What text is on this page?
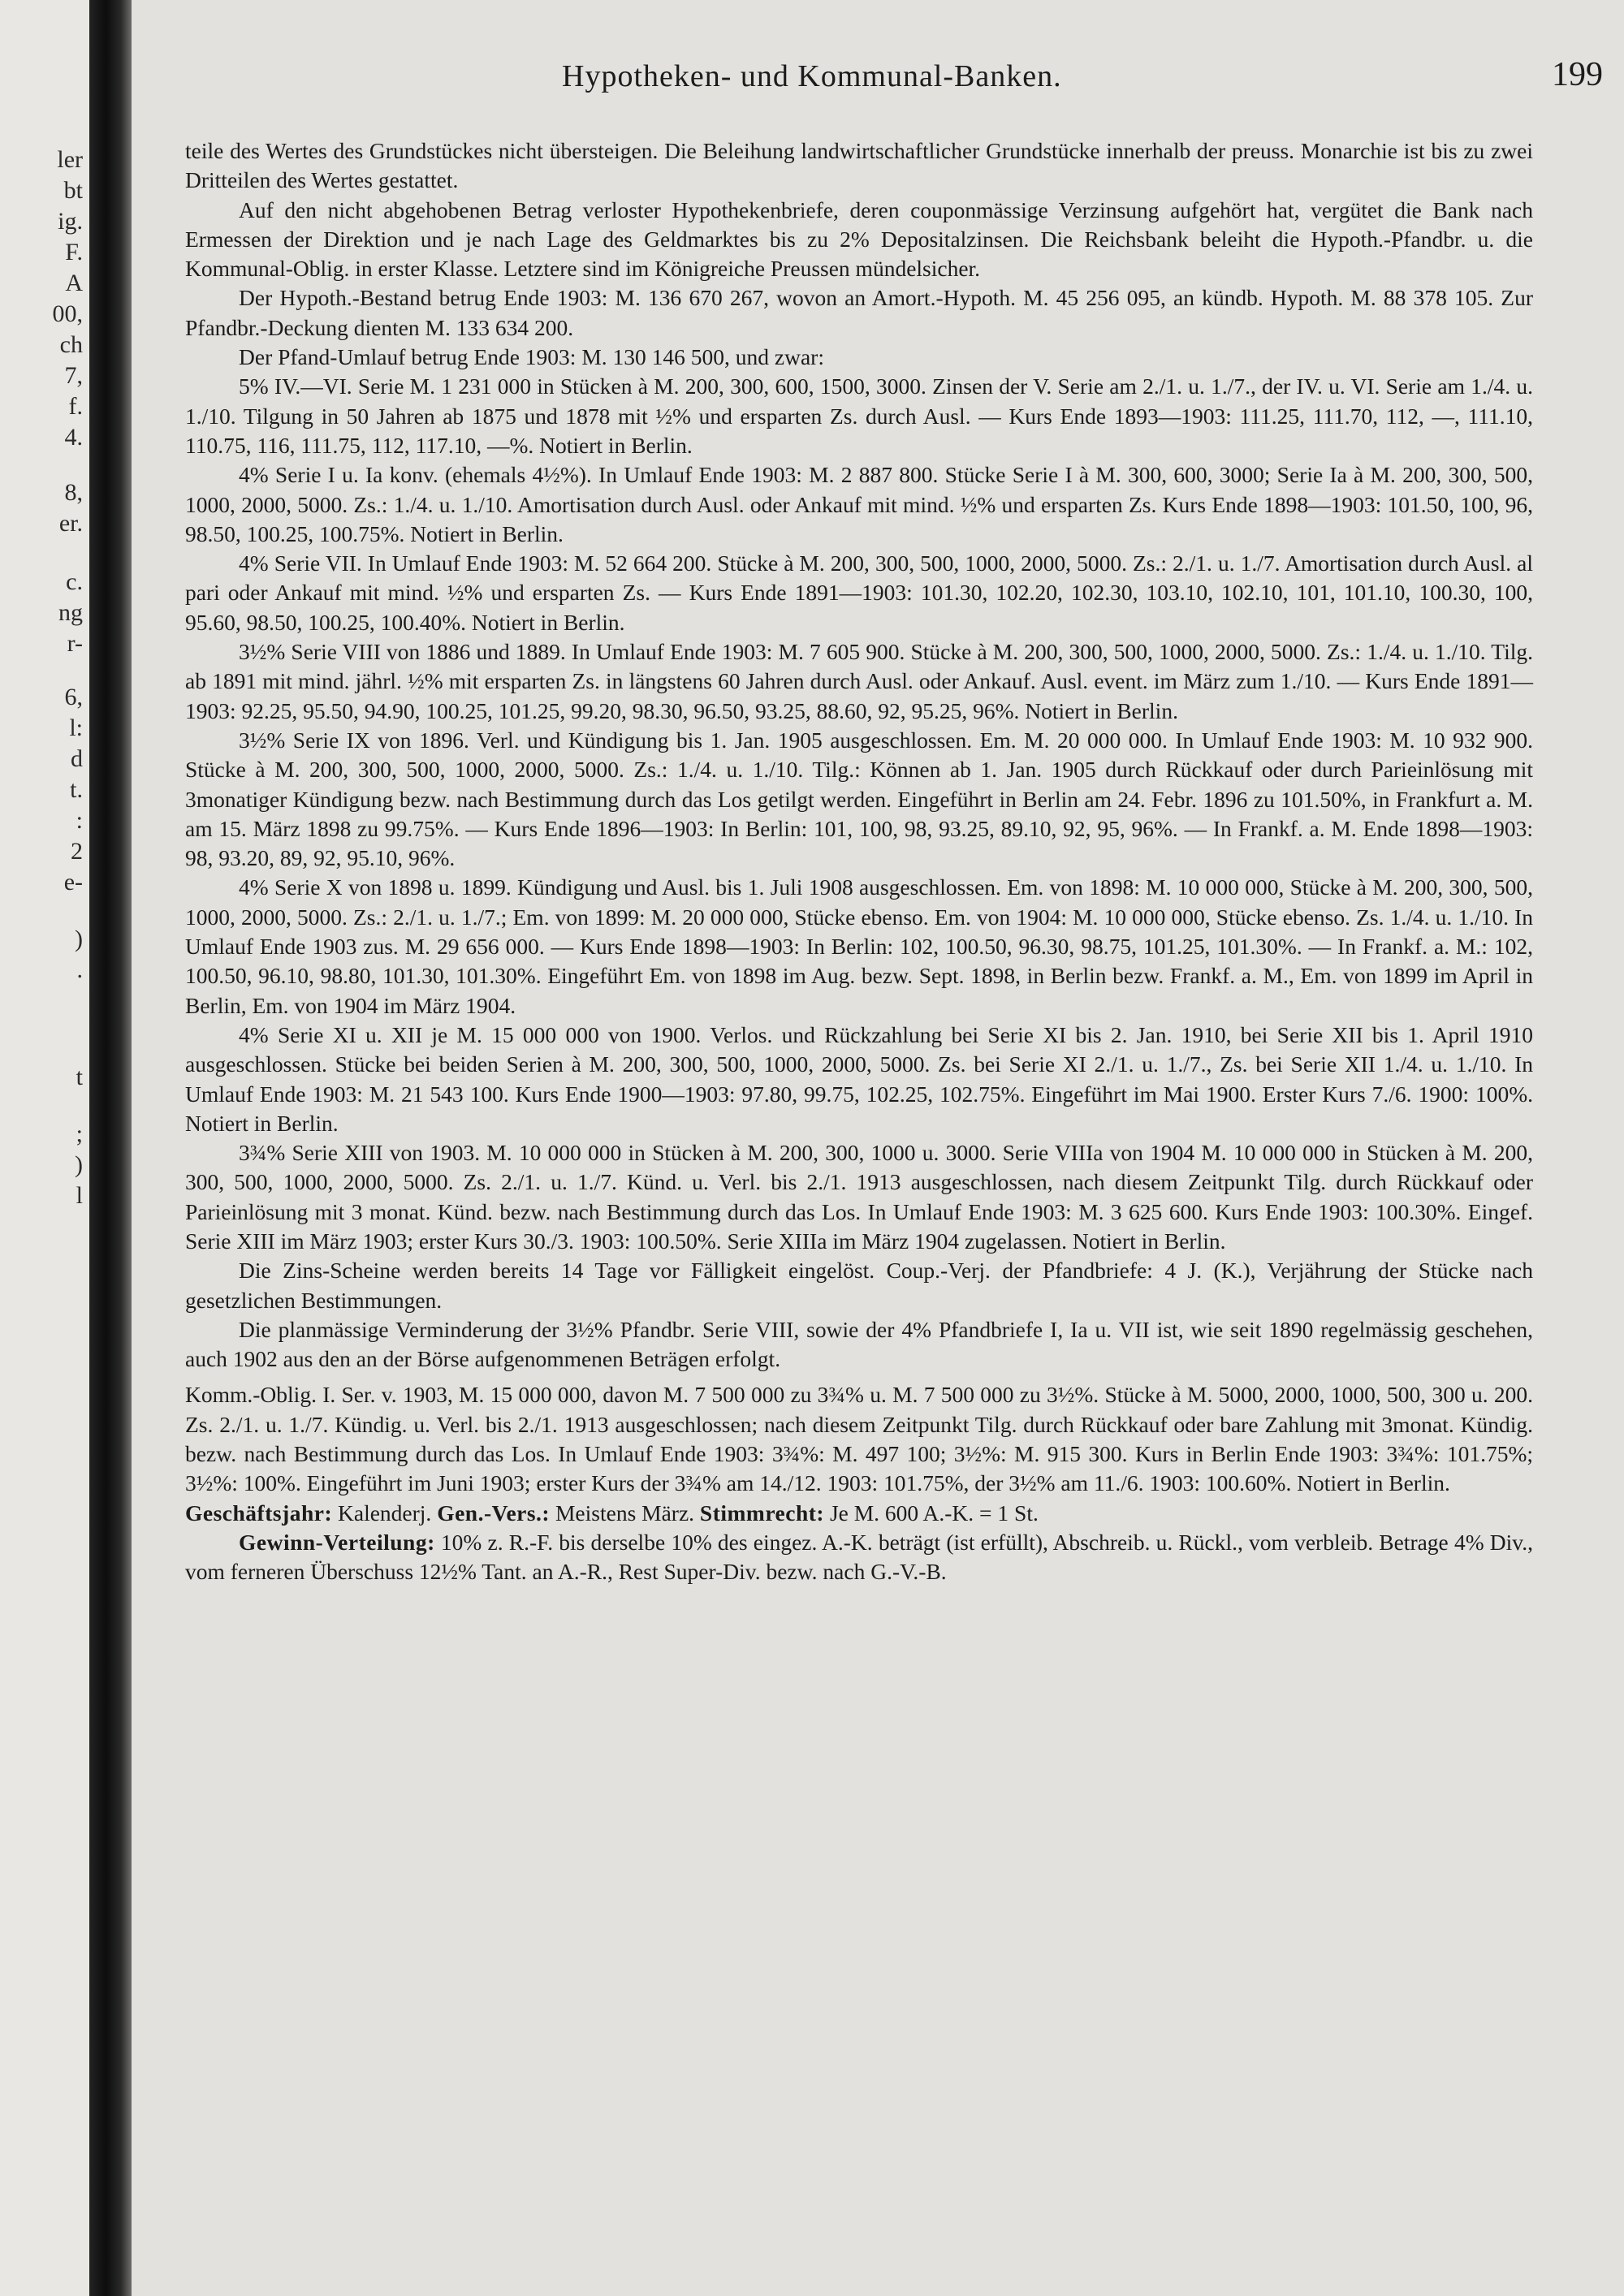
ler
bt
ig.
F.
A
00,
ch
7,
f.
4.
8,
er.
c.
ng
r-
6,
l:
d
t.
:
2
e-
)
.
t
;
)
l
Hypotheken- und Kommunal-Banken.	199

teile des Wertes des Grundstückes nicht übersteigen. Die Beleihung landwirtschaftlicher Grundstücke innerhalb der preuss. Monarchie ist bis zu zwei Dritteilen des Wertes gestattet.

Auf den nicht abgehobenen Betrag verloster Hypothekenbriefe, deren couponmässige Verzinsung aufgehört hat, vergütet die Bank nach Ermessen der Direktion und je nach Lage des Geldmarktes bis zu 2% Depositalzinsen. Die Reichsbank beleiht die Hypoth.-Pfandbr. u. die Kommunal-Oblig. in erster Klasse. Letztere sind im Königreiche Preussen mündelsicher.

Der Hypoth.-Bestand betrug Ende 1903: M. 136 670 267, wovon an Amort.-Hypoth. M. 45 256 095, an kündb. Hypoth. M. 88 378 105. Zur Pfandbr.-Deckung dienten M. 133 634 200.

Der Pfand-Umlauf betrug Ende 1903: M. 130 146 500, und zwar:

5% IV.—VI. Serie M. 1 231 000 in Stücken à M. 200, 300, 600, 1500, 3000. Zinsen der V. Serie am 2./1. u. 1./7., der IV. u. VI. Serie am 1./4. u. 1./10. Tilgung in 50 Jahren ab 1875 und 1878 mit ½% und ersparten Zs. durch Ausl. — Kurs Ende 1893—1903: 111.25, 111.70, 112, —, 111.10, 110.75, 116, 111.75, 112, 117.10, —%. Notiert in Berlin.

4% Serie I u. Ia konv. (ehemals 4½%). In Umlauf Ende 1903: M. 2 887 800. Stücke Serie I à M. 300, 600, 3000; Serie Ia à M. 200, 300, 500, 1000, 2000, 5000. Zs.: 1./4. u. 1./10. Amortisation durch Ausl. oder Ankauf mit mind. ½% und ersparten Zs. Kurs Ende 1898—1903: 101.50, 100, 96, 98.50, 100.25, 100.75%. Notiert in Berlin.

4% Serie VII. In Umlauf Ende 1903: M. 52 664 200. Stücke à M. 200, 300, 500, 1000, 2000, 5000. Zs.: 2./1. u. 1./7. Amortisation durch Ausl. al pari oder Ankauf mit mind. ½% und ersparten Zs. — Kurs Ende 1891—1903: 101.30, 102.20, 102.30, 103.10, 102.10, 101, 101.10, 100.30, 100, 95.60, 98.50, 100.25, 100.40%. Notiert in Berlin.

3½% Serie VIII von 1886 und 1889. In Umlauf Ende 1903: M. 7 605 900. Stücke à M. 200, 300, 500, 1000, 2000, 5000. Zs.: 1./4. u. 1./10. Tilg. ab 1891 mit mind. jährl. ½% mit ersparten Zs. in längstens 60 Jahren durch Ausl. oder Ankauf. Ausl. event. im März zum 1./10. — Kurs Ende 1891—1903: 92.25, 95.50, 94.90, 100.25, 101.25, 99.20, 98.30, 96.50, 93.25, 88.60, 92, 95.25, 96%. Notiert in Berlin.

3½% Serie IX von 1896. Verl. und Kündigung bis 1. Jan. 1905 ausgeschlossen. Em. M. 20 000 000. In Umlauf Ende 1903: M. 10 932 900. Stücke à M. 200, 300, 500, 1000, 2000, 5000. Zs.: 1./4. u. 1./10. Tilg.: Können ab 1. Jan. 1905 durch Rückkauf oder durch Parieinlösung mit 3monatiger Kündigung bezw. nach Bestimmung durch das Los getilgt werden. Eingeführt in Berlin am 24. Febr. 1896 zu 101.50%, in Frankfurt a. M. am 15. März 1898 zu 99.75%. — Kurs Ende 1896—1903: In Berlin: 101, 100, 98, 93.25, 89.10, 92, 95, 96%. — In Frankf. a. M. Ende 1898—1903: 98, 93.20, 89, 92, 95.10, 96%.

4% Serie X von 1898 u. 1899. Kündigung und Ausl. bis 1. Juli 1908 ausgeschlossen. Em. von 1898: M. 10 000 000, Stücke à M. 200, 300, 500, 1000, 2000, 5000. Zs.: 2./1. u. 1./7.; Em. von 1899: M. 20 000 000, Stücke ebenso. Em. von 1904: M. 10 000 000, Stücke ebenso. Zs. 1./4. u. 1./10. In Umlauf Ende 1903 zus. M. 29 656 000. — Kurs Ende 1898—1903: In Berlin: 102, 100.50, 96.30, 98.75, 101.25, 101.30%. — In Frankf. a. M.: 102, 100.50, 96.10, 98.80, 101.30, 101.30%. Eingeführt Em. von 1898 im Aug. bezw. Sept. 1898, in Berlin bezw. Frankf. a. M., Em. von 1899 im April in Berlin, Em. von 1904 im März 1904.

4% Serie XI u. XII je M. 15 000 000 von 1900. Verlos. und Rückzahlung bei Serie XI bis 2. Jan. 1910, bei Serie XII bis 1. April 1910 ausgeschlossen. Stücke bei beiden Serien à M. 200, 300, 500, 1000, 2000, 5000. Zs. bei Serie XI 2./1. u. 1./7., Zs. bei Serie XII 1./4. u. 1./10. In Umlauf Ende 1903: M. 21 543 100. Kurs Ende 1900—1903: 97.80, 99.75, 102.25, 102.75%. Eingeführt im Mai 1900. Erster Kurs 7./6. 1900: 100%. Notiert in Berlin.

3¾% Serie XIII von 1903. M. 10 000 000 in Stücken à M. 200, 300, 1000 u. 3000. Serie VIIIa von 1904 M. 10 000 000 in Stücken à M. 200, 300, 500, 1000, 2000, 5000. Zs. 2./1. u. 1./7. Künd. u. Verl. bis 2./1. 1913 ausgeschlossen, nach diesem Zeitpunkt Tilg. durch Rückkauf oder Parieinlösung mit 3 monat. Künd. bezw. nach Bestimmung durch das Los. In Umlauf Ende 1903: M. 3 625 600. Kurs Ende 1903: 100.30%. Eingef. Serie XIII im März 1903; erster Kurs 30./3. 1903: 100.50%. Serie XIIIa im März 1904 zugelassen. Notiert in Berlin.

Die Zins-Scheine werden bereits 14 Tage vor Fälligkeit eingelöst. Coup.-Verj. der Pfandbriefe: 4 J. (K.), Verjährung der Stücke nach gesetzlichen Bestimmungen.

Die planmässige Verminderung der 3½% Pfandbr. Serie VIII, sowie der 4% Pfandbriefe I, Ia u. VII ist, wie seit 1890 regelmässig geschehen, auch 1902 aus den an der Börse aufgenommenen Beträgen erfolgt.

Komm.-Oblig. I. Ser. v. 1903, M. 15 000 000, davon M. 7 500 000 zu 3¾% u. M. 7 500 000 zu 3½%. Stücke à M. 5000, 2000, 1000, 500, 300 u. 200. Zs. 2./1. u. 1./7. Kündig. u. Verl. bis 2./1. 1913 ausgeschlossen; nach diesem Zeitpunkt Tilg. durch Rückkauf oder bare Zahlung mit 3monat. Kündig. bezw. nach Bestimmung durch das Los. In Umlauf Ende 1903: 3¾%: M. 497 100; 3½%: M. 915 300. Kurs in Berlin Ende 1903: 3¾%: 101.75%; 3½%: 100%. Eingeführt im Juni 1903; erster Kurs der 3¾% am 14./12. 1903: 101.75%, der 3½% am 11./6. 1903: 100.60%. Notiert in Berlin.

Geschäftsjahr: Kalenderj. Gen.-Vers.: Meistens März. Stimmrecht: Je M. 600 A.-K. = 1 St.

Gewinn-Verteilung: 10% z. R.-F. bis derselbe 10% des eingez. A.-K. beträgt (ist erfüllt), Abschreib. u. Rückl., vom verbleib. Betrage 4% Div., vom ferneren Überschuss 12½% Tant. an A.-R., Rest Super-Div. bezw. nach G.-V.-B.
